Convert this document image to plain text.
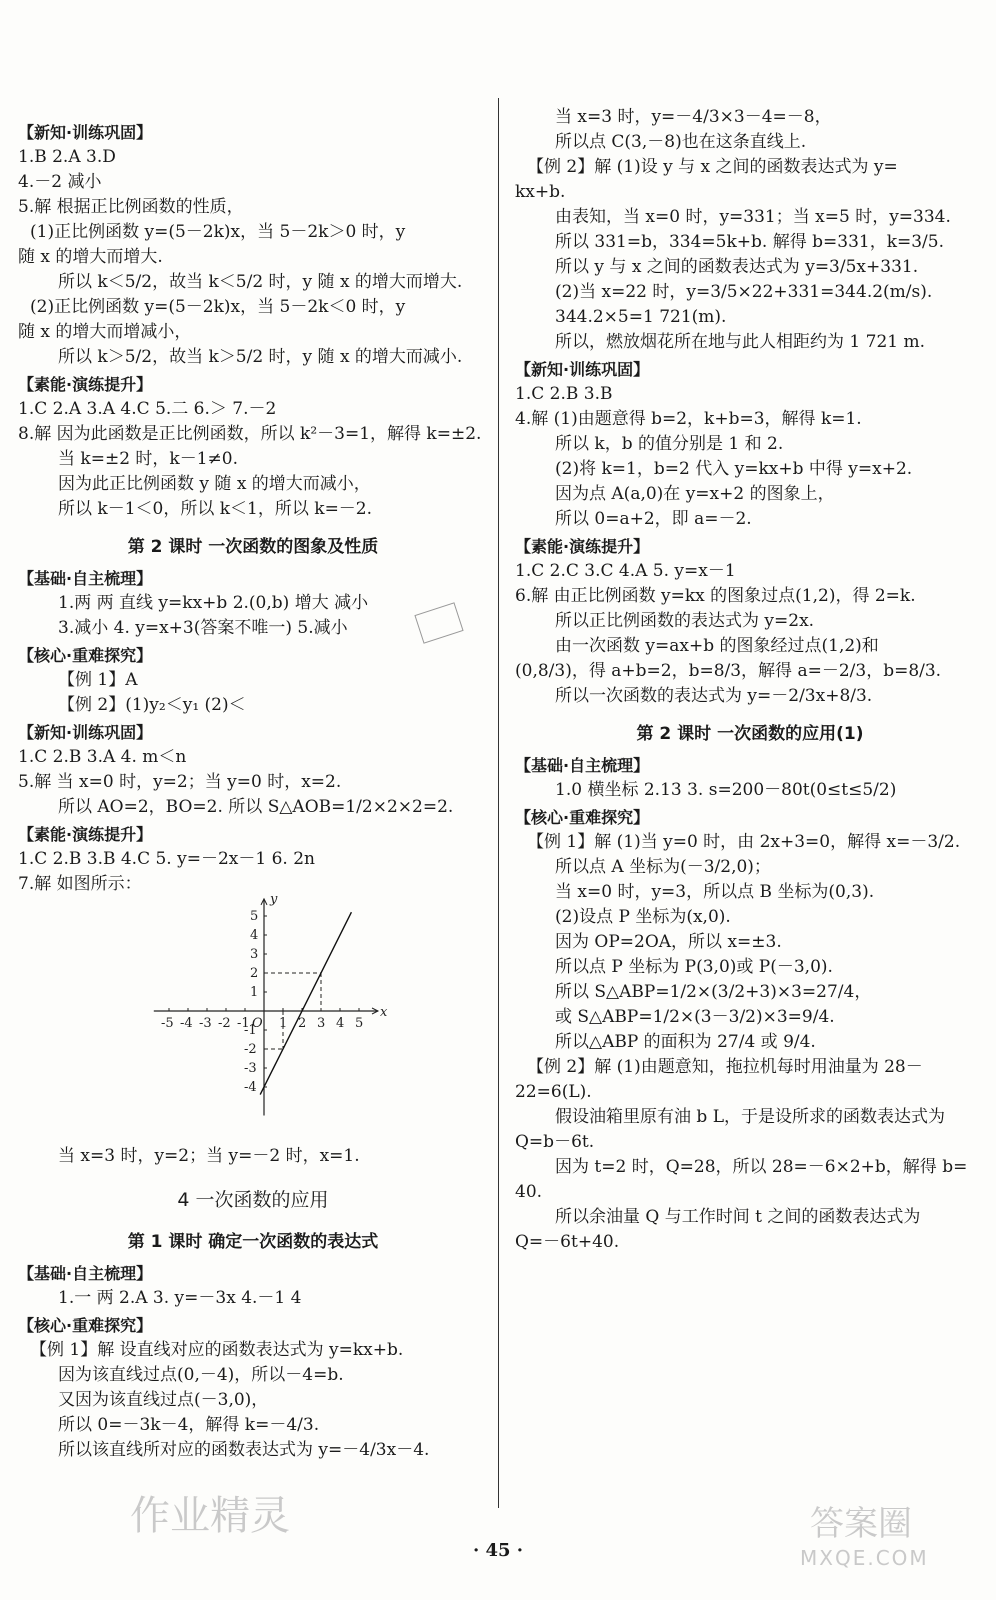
【新知·训练巩固】
1.B 2.A 3.D
4.－2 减小
5.解 根据正比例函数的性质，
(1)正比例函数 y=(5－2k)x，当 5－2k＞0 时，y
随 x 的增大而增大.
所以 k＜5/2，故当 k＜5/2 时，y 随 x 的增大而增大.
(2)正比例函数 y=(5－2k)x，当 5－2k＜0 时，y
随 x 的增大而增减小，
所以 k＞5/2，故当 k＞5/2 时，y 随 x 的增大而减小.
【素能·演练提升】
1.C 2.A 3.A 4.C 5.二 6.＞ 7.－2
8.解 因为此函数是正比例函数，所以 k²－3=1，解得 k=±2.
当 k=±2 时，k－1≠0.
因为此正比例函数 y 随 x 的增大而减小，
所以 k－1＜0，所以 k＜1，所以 k=－2.
第 2 课时 一次函数的图象及性质
【基础·自主梳理】
1.两 两 直线 y=kx+b 2.(0,b) 增大 减小
3.减小 4. y=x+3(答案不唯一) 5.减小
【核心·重难探究】
【例 1】A
【例 2】(1)y₂＜y₁ (2)＜
【新知·训练巩固】
1.C 2.B 3.A 4. m＜n
5.解 当 x=0 时，y=2；当 y=0 时，x=2.
所以 AO=2，BO=2. 所以 S△AOB=1/2×2×2=2.
【素能·演练提升】
1.C 2.B 3.B 4.C 5. y=－2x－1 6. 2n
7.解 如图所示：
x
y
-5 -4 -3 -2 -1 O 1 2 3 4 5
5
4
3
2
1
-1
-2
-3
-4
当 x=3 时，y=2；当 y=－2 时，x=1.
4 一次函数的应用
第 1 课时 确定一次函数的表达式
【基础·自主梳理】
1.一 两 2.A 3. y=－3x 4.－1 4
【核心·重难探究】
【例 1】解 设直线对应的函数表达式为 y=kx+b.
因为该直线过点(0,－4)，所以－4=b.
又因为该直线过点(－3,0)，
所以 0=－3k－4，解得 k=－4/3.
所以该直线所对应的函数表达式为 y=－4/3x－4.
当 x=3 时，y=－4/3×3－4=－8，
所以点 C(3,－8)也在这条直线上.
【例 2】解 (1)设 y 与 x 之间的函数表达式为 y=
kx+b.
由表知，当 x=0 时，y=331；当 x=5 时，y=334.
所以 331=b，334=5k+b. 解得 b=331，k=3/5.
所以 y 与 x 之间的函数表达式为 y=3/5x+331.
(2)当 x=22 时，y=3/5×22+331=344.2(m/s).
344.2×5=1 721(m).
所以，燃放烟花所在地与此人相距约为 1 721 m.
【新知·训练巩固】
1.C 2.B 3.B
4.解 (1)由题意得 b=2，k+b=3，解得 k=1.
所以 k，b 的值分别是 1 和 2.
(2)将 k=1，b=2 代入 y=kx+b 中得 y=x+2.
因为点 A(a,0)在 y=x+2 的图象上，
所以 0=a+2，即 a=－2.
【素能·演练提升】
1.C 2.C 3.C 4.A 5. y=x－1
6.解 由正比例函数 y=kx 的图象过点(1,2)，得 2=k.
所以正比例函数的表达式为 y=2x.
由一次函数 y=ax+b 的图象经过点(1,2)和
(0,8/3)，得 a+b=2，b=8/3，解得 a=－2/3，b=8/3.
所以一次函数的表达式为 y=－2/3x+8/3.
第 2 课时 一次函数的应用(1)
【基础·自主梳理】
1.0 横坐标 2.13 3. s=200－80t(0≤t≤5/2)
【核心·重难探究】
【例 1】解 (1)当 y=0 时，由 2x+3=0，解得 x=－3/2.
所以点 A 坐标为(－3/2,0)；
当 x=0 时，y=3，所以点 B 坐标为(0,3).
(2)设点 P 坐标为(x,0).
因为 OP=2OA，所以 x=±3.
所以点 P 坐标为 P(3,0)或 P(－3,0).
所以 S△ABP=1/2×(3/2+3)×3=27/4，
或 S△ABP=1/2×(3－3/2)×3=9/4.
所以△ABP 的面积为 27/4 或 9/4.
【例 2】解 (1)由题意知，拖拉机每时用油量为 28－
22=6(L).
假设油箱里原有油 b L，于是设所求的函数表达式为
Q=b－6t.
因为 t=2 时，Q=28，所以 28=－6×2+b，解得 b=
40.
所以余油量 Q 与工作时间 t 之间的函数表达式为
Q=－6t+40.
· 45 ·
作业精灵	答案圈
MXQE.COM
